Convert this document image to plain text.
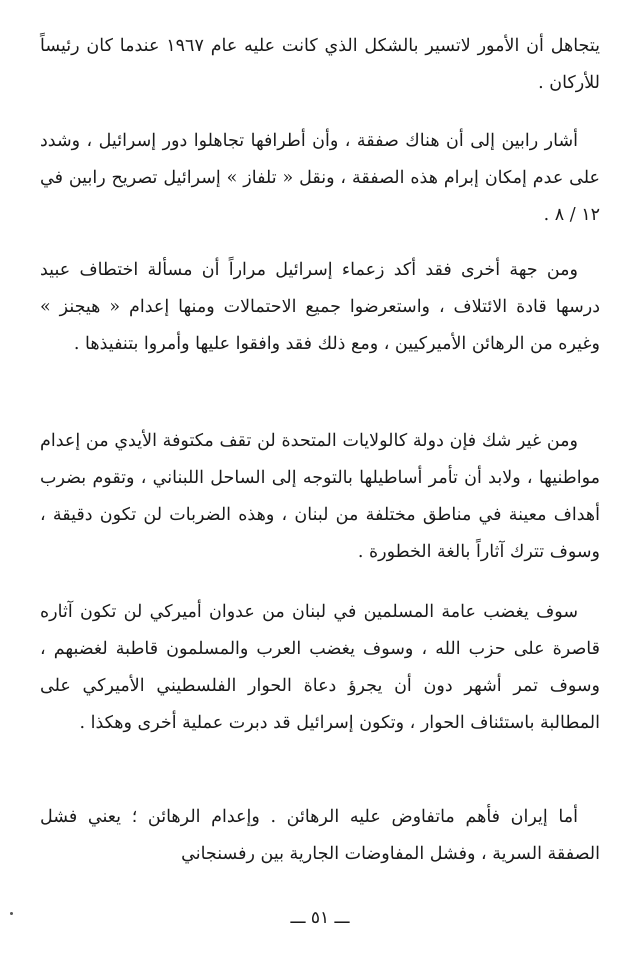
يتجاهل أن الأمور لاتسير بالشكل الذي كانت عليه عام ١٩٦٧ عندما كان رئيساً للأركان .

أشار رابين إلى أن هناك صفقة ، وأن أطرافها تجاهلوا دور إسرائيل ، وشدد على عدم إمكان إبرام هذه الصفقة ، ونقل « تلفاز » إسرائيل تصريح رابين في ١٢ / ٨ .

ومن جهة أخرى فقد أكد زعماء إسرائيل مراراً أن مسألة اختطاف عبيد درسها قادة الائتلاف ، واستعرضوا جميع الاحتمالات ومنها إعدام « هيجنز » وغيره من الرهائن الأميركيين ، ومع ذلك فقد وافقوا عليها وأمروا بتنفيذها .

ومن غير شك فإن دولة كالولايات المتحدة لن تقف مكتوفة الأيدي من إعدام مواطنيها ، ولابد أن تأمر أساطيلها بالتوجه إلى الساحل اللبناني ، وتقوم بضرب أهداف معينة في مناطق مختلفة من لبنان ، وهذه الضربات لن تكون دقيقة ، وسوف تترك آثاراً بالغة الخطورة .

سوف يغضب عامة المسلمين في لبنان من عدوان أميركي لن تكون آثاره قاصرة على حزب الله ، وسوف يغضب العرب والمسلمون قاطبة لغضبهم ، وسوف تمر أشهر دون أن يجرؤ دعاة الحوار الفلسطيني الأميركي على المطالبة باستئناف الحوار ، وتكون إسرائيل قد دبرت عملية أخرى وهكذا .

أما إيران فأهم ماتفاوض عليه الرهائن . وإعدام الرهائن ؛ يعني فشل الصفقة السرية ، وفشل المفاوضات الجارية بين رفسنجاني

ـــ ٥١ ـــ
